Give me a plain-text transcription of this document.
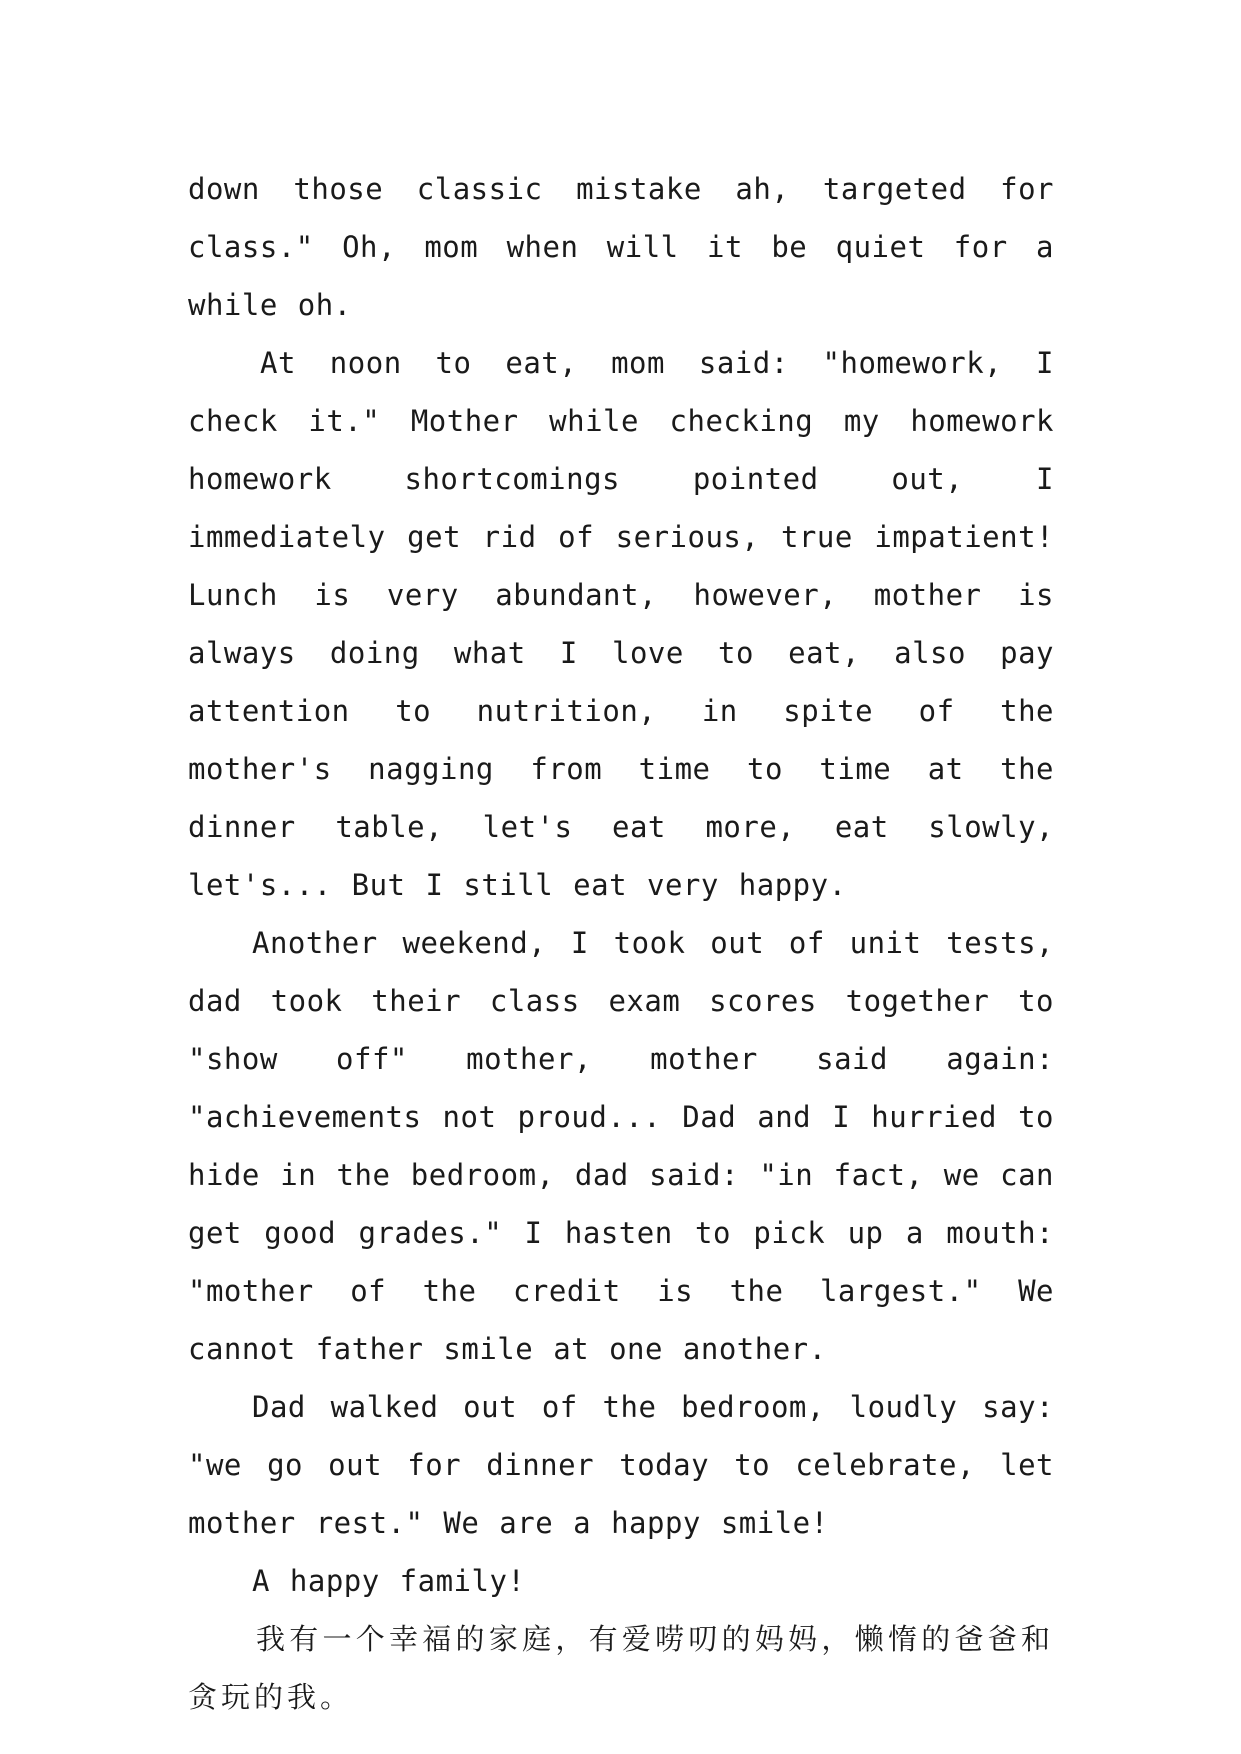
down those classic mistake ah, targeted for class." Oh, mom when will it be quiet for a while oh.

At noon to eat, mom said: "homework, I check it." Mother while checking my homework homework shortcomings pointed out, I immediately get rid of serious, true impatient! Lunch is very abundant, however, mother is always doing what I love to eat, also pay attention to nutrition, in spite of the mother's nagging from time to time at the dinner table, let's eat more, eat slowly, let's... But I still eat very happy.

Another weekend, I took out of unit tests, dad took their class exam scores together to "show off" mother, mother said again: "achievements not proud... Dad and I hurried to hide in the bedroom, dad said: "in fact, we can get good grades." I hasten to pick up a mouth: "mother of the credit is the largest." We cannot father smile at one another.

Dad walked out of the bedroom, loudly say: "we go out for dinner today to celebrate, let mother rest." We are a happy smile!

A happy family!

我有一个幸福的家庭，有爱唠叨的妈妈，懒惰的爸爸和贪玩的我。
